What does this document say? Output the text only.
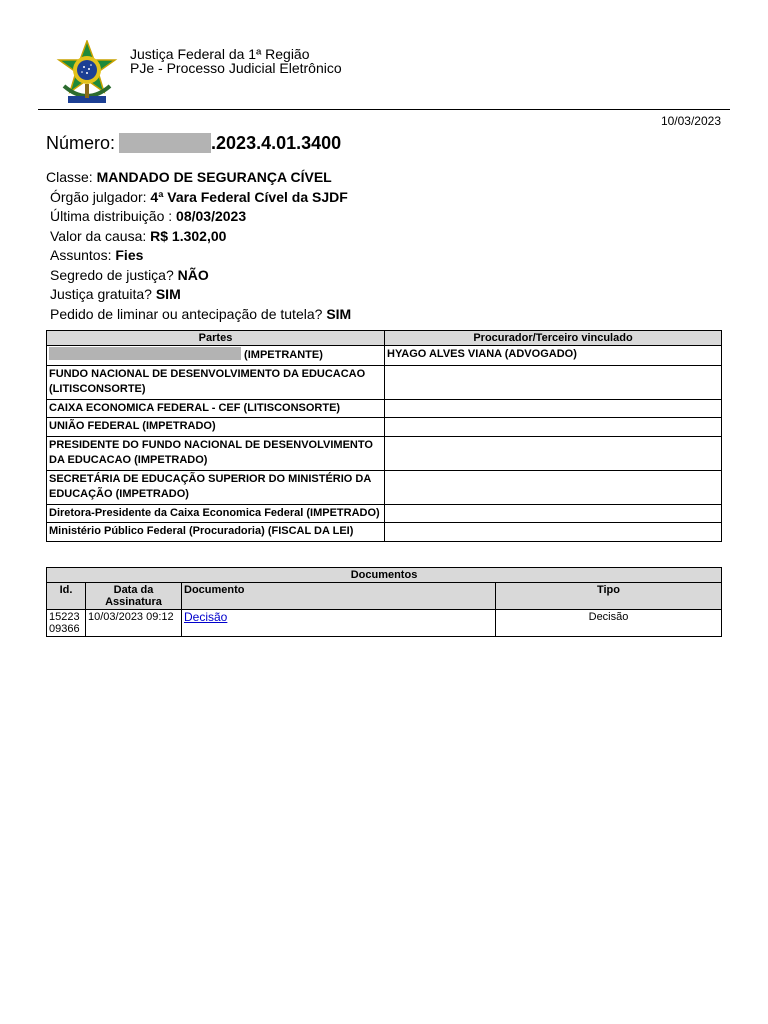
Justiça Federal da 1ª Região
PJe - Processo Judicial Eletrônico
10/03/2023
Número:	.2023.4.01.3400
Classe: MANDADO DE SEGURANÇA CÍVEL
Órgão julgador: 4ª Vara Federal Cível da SJDF
Última distribuição : 08/03/2023
Valor da causa: R$ 1.302,00
Assuntos: Fies
Segredo de justiça? NÃO
Justiça gratuita? SIM
Pedido de liminar ou antecipação de tutela? SIM
Partes	Procurador/Terceiro vinculado
(IMPETRANTE)	HYAGO ALVES VIANA (ADVOGADO)
FUNDO NACIONAL DE DESENVOLVIMENTO DA EDUCACAO (LITISCONSORTE)	
CAIXA ECONOMICA FEDERAL - CEF (LITISCONSORTE)	
UNIÃO FEDERAL (IMPETRADO)	
PRESIDENTE DO FUNDO NACIONAL DE DESENVOLVIMENTO DA EDUCACAO (IMPETRADO)	
SECRETÁRIA DE EDUCAÇÃO SUPERIOR DO MINISTÉRIO DA EDUCAÇÃO (IMPETRADO)	
Diretora-Presidente da Caixa Economica Federal (IMPETRADO)	
Ministério Público Federal (Procuradoria) (FISCAL DA LEI)	
Documentos			
Id.	Data da Assinatura	Documento	Tipo
15223 09366	10/03/2023 09:12	Decisão	Decisão
